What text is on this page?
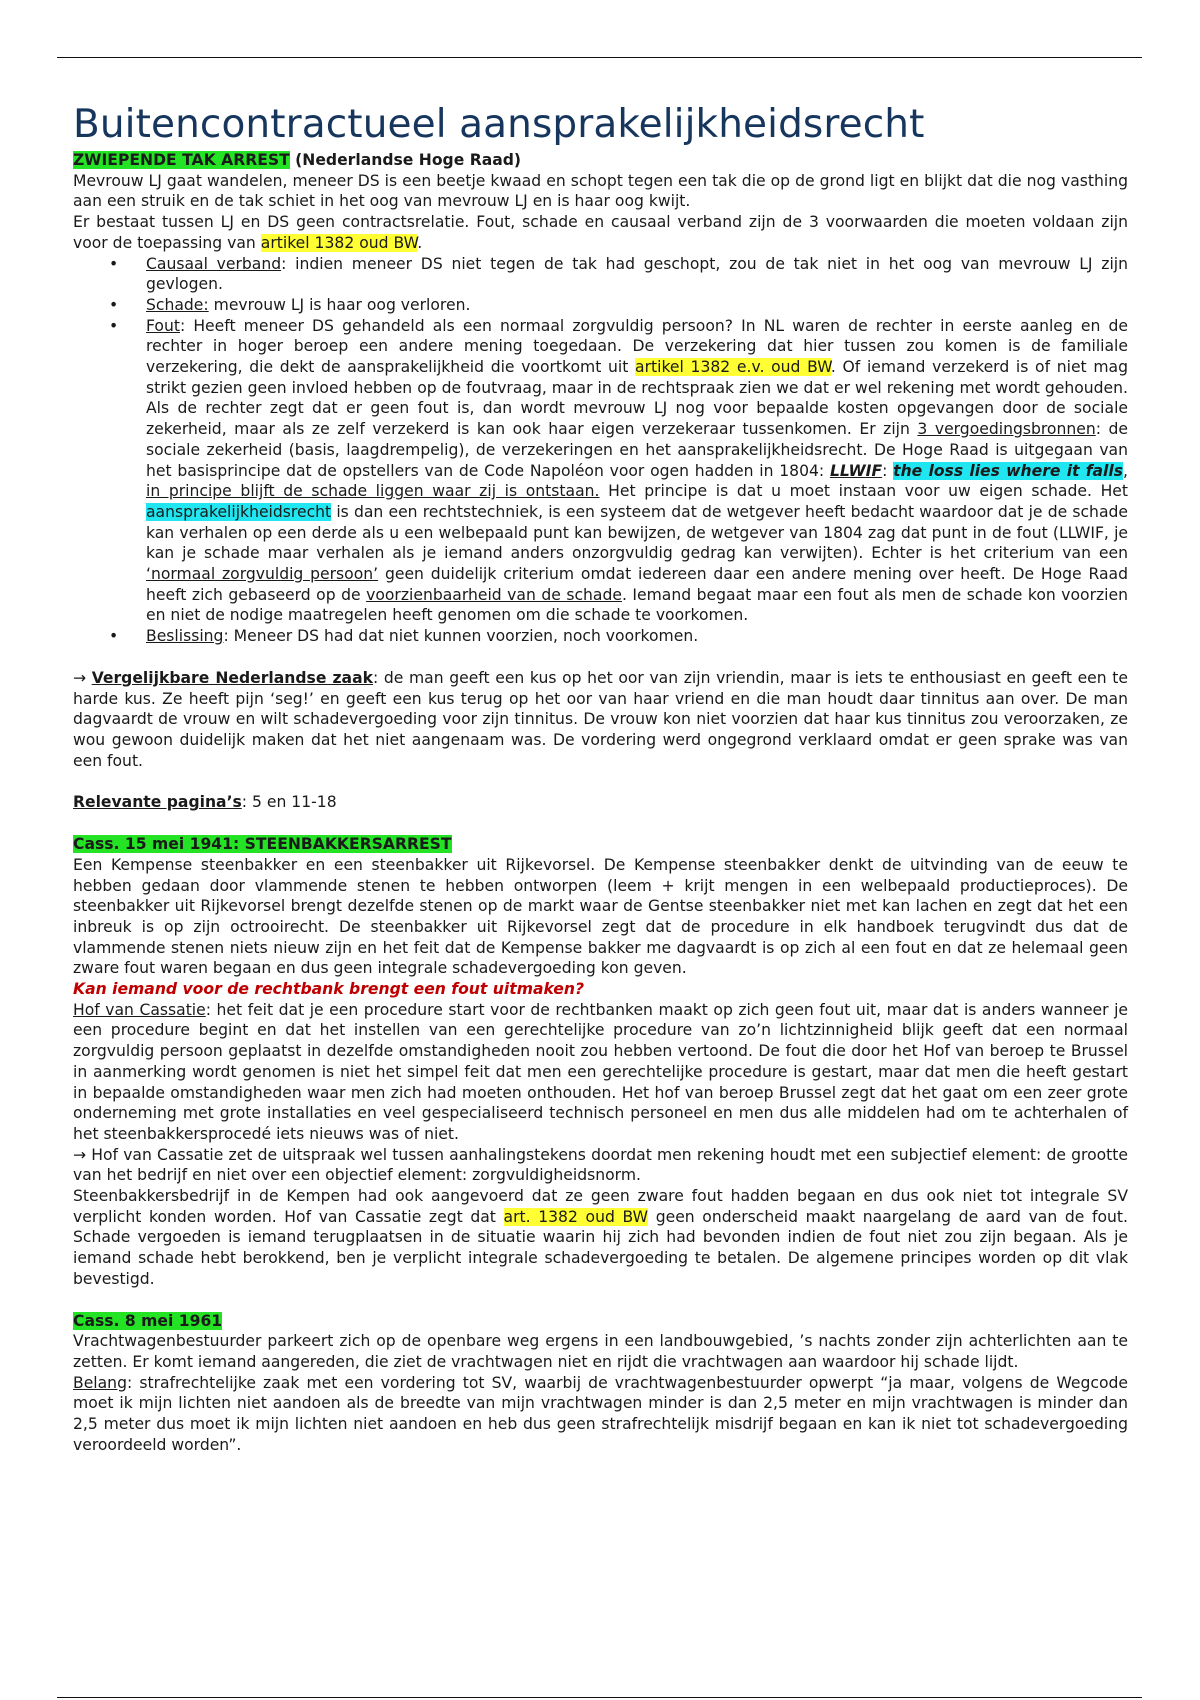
Buitencontractueel aansprakelijkheidsrecht

ZWIEPENDE TAK ARREST (Nederlandse Hoge Raad)

Mevrouw LJ gaat wandelen, meneer DS is een beetje kwaad en schopt tegen een tak die op de grond ligt en blijkt dat die nog vasthing aan een struik en de tak schiet in het oog van mevrouw LJ en is haar oog kwijt.

Er bestaat tussen LJ en DS geen contractsrelatie. Fout, schade en causaal verband zijn de 3 voorwaarden die moeten voldaan zijn voor de toepassing van artikel 1382 oud BW.

• Causaal verband: indien meneer DS niet tegen de tak had geschopt, zou de tak niet in het oog van mevrouw LJ zijn gevlogen.
• Schade: mevrouw LJ is haar oog verloren.
• Fout: Heeft meneer DS gehandeld als een normaal zorgvuldig persoon? In NL waren de rechter in eerste aanleg en de rechter in hoger beroep een andere mening toegedaan. De verzekering dat hier tussen zou komen is de familiale verzekering, die dekt de aansprakelijkheid die voortkomt uit artikel 1382 e.v. oud BW. Of iemand verzekerd is of niet mag strikt gezien geen invloed hebben op de foutvraag, maar in de rechtspraak zien we dat er wel rekening met wordt gehouden. Als de rechter zegt dat er geen fout is, dan wordt mevrouw LJ nog voor bepaalde kosten opgevangen door de sociale zekerheid, maar als ze zelf verzekerd is kan ook haar eigen verzekeraar tussenkomen. Er zijn 3 vergoedingsbronnen: de sociale zekerheid (basis, laagdrempelig), de verzekeringen en het aansprakelijkheidsrecht. De Hoge Raad is uitgegaan van het basisprincipe dat de opstellers van de Code Napoléon voor ogen hadden in 1804: LLWIF: the loss lies where it falls, in principe blijft de schade liggen waar zij is ontstaan. Het principe is dat u moet instaan voor uw eigen schade. Het aansprakelijkheidsrecht is dan een rechtstechniek, is een systeem dat de wetgever heeft bedacht waardoor dat je de schade kan verhalen op een derde als u een welbepaald punt kan bewijzen, de wetgever van 1804 zag dat punt in de fout (LLWIF, je kan je schade maar verhalen als je iemand anders onzorgvuldig gedrag kan verwijten). Echter is het criterium van een ‘normaal zorgvuldig persoon’ geen duidelijk criterium omdat iedereen daar een andere mening over heeft. De Hoge Raad heeft zich gebaseerd op de voorzienbaarheid van de schade. Iemand begaat maar een fout als men de schade kon voorzien en niet de nodige maatregelen heeft genomen om die schade te voorkomen.
• Beslissing: Meneer DS had dat niet kunnen voorzien, noch voorkomen.

→ Vergelijkbare Nederlandse zaak: de man geeft een kus op het oor van zijn vriendin, maar is iets te enthousiast en geeft een te harde kus. Ze heeft pijn ‘seg!’ en geeft een kus terug op het oor van haar vriend en die man houdt daar tinnitus aan over. De man dagvaardt de vrouw en wilt schadevergoeding voor zijn tinnitus. De vrouw kon niet voorzien dat haar kus tinnitus zou veroorzaken, ze wou gewoon duidelijk maken dat het niet aangenaam was. De vordering werd ongegrond verklaard omdat er geen sprake was van een fout.

Relevante pagina’s: 5 en 11-18

Cass. 15 mei 1941: STEENBAKKERSARREST

Een Kempense steenbakker en een steenbakker uit Rijkevorsel. De Kempense steenbakker denkt de uitvinding van de eeuw te hebben gedaan door vlammende stenen te hebben ontworpen (leem + krijt mengen in een welbepaald productieproces). De steenbakker uit Rijkevorsel brengt dezelfde stenen op de markt waar de Gentse steenbakker niet met kan lachen en zegt dat het een inbreuk is op zijn octrooirecht. De steenbakker uit Rijkevorsel zegt dat de procedure in elk handboek terugvindt dus dat de vlammende stenen niets nieuw zijn en het feit dat de Kempense bakker me dagvaardt is op zich al een fout en dat ze helemaal geen zware fout waren begaan en dus geen integrale schadevergoeding kon geven.

Kan iemand voor de rechtbank brengt een fout uitmaken?

Hof van Cassatie: het feit dat je een procedure start voor de rechtbanken maakt op zich geen fout uit, maar dat is anders wanneer je een procedure begint en dat het instellen van een gerechtelijke procedure van zo’n lichtzinnigheid blijk geeft dat een normaal zorgvuldig persoon geplaatst in dezelfde omstandigheden nooit zou hebben vertoond. De fout die door het Hof van beroep te Brussel in aanmerking wordt genomen is niet het simpel feit dat men een gerechtelijke procedure is gestart, maar dat men die heeft gestart in bepaalde omstandigheden waar men zich had moeten onthouden. Het hof van beroep Brussel zegt dat het gaat om een zeer grote onderneming met grote installaties en veel gespecialiseerd technisch personeel en men dus alle middelen had om te achterhalen of het steenbakkersprocedé iets nieuws was of niet.

→ Hof van Cassatie zet de uitspraak wel tussen aanhalingstekens doordat men rekening houdt met een subjectief element: de grootte van het bedrijf en niet over een objectief element: zorgvuldigheidsnorm.

Steenbakkersbedrijf in de Kempen had ook aangevoerd dat ze geen zware fout hadden begaan en dus ook niet tot integrale SV verplicht konden worden. Hof van Cassatie zegt dat art. 1382 oud BW geen onderscheid maakt naargelang de aard van de fout. Schade vergoeden is iemand terugplaatsen in de situatie waarin hij zich had bevonden indien de fout niet zou zijn begaan. Als je iemand schade hebt berokkend, ben je verplicht integrale schadevergoeding te betalen. De algemene principes worden op dit vlak bevestigd.

Cass. 8 mei 1961

Vrachtwagenbestuurder parkeert zich op de openbare weg ergens in een landbouwgebied, ’s nachts zonder zijn achterlichten aan te zetten. Er komt iemand aangereden, die ziet de vrachtwagen niet en rijdt die vrachtwagen aan waardoor hij schade lijdt.

Belang: strafrechtelijke zaak met een vordering tot SV, waarbij de vrachtwagenbestuurder opwerpt “ja maar, volgens de Wegcode moet ik mijn lichten niet aandoen als de breedte van mijn vrachtwagen minder is dan 2,5 meter en mijn vrachtwagen is minder dan 2,5 meter dus moet ik mijn lichten niet aandoen en heb dus geen strafrechtelijk misdrijf begaan en kan ik niet tot schadevergoeding veroordeeld worden”.
